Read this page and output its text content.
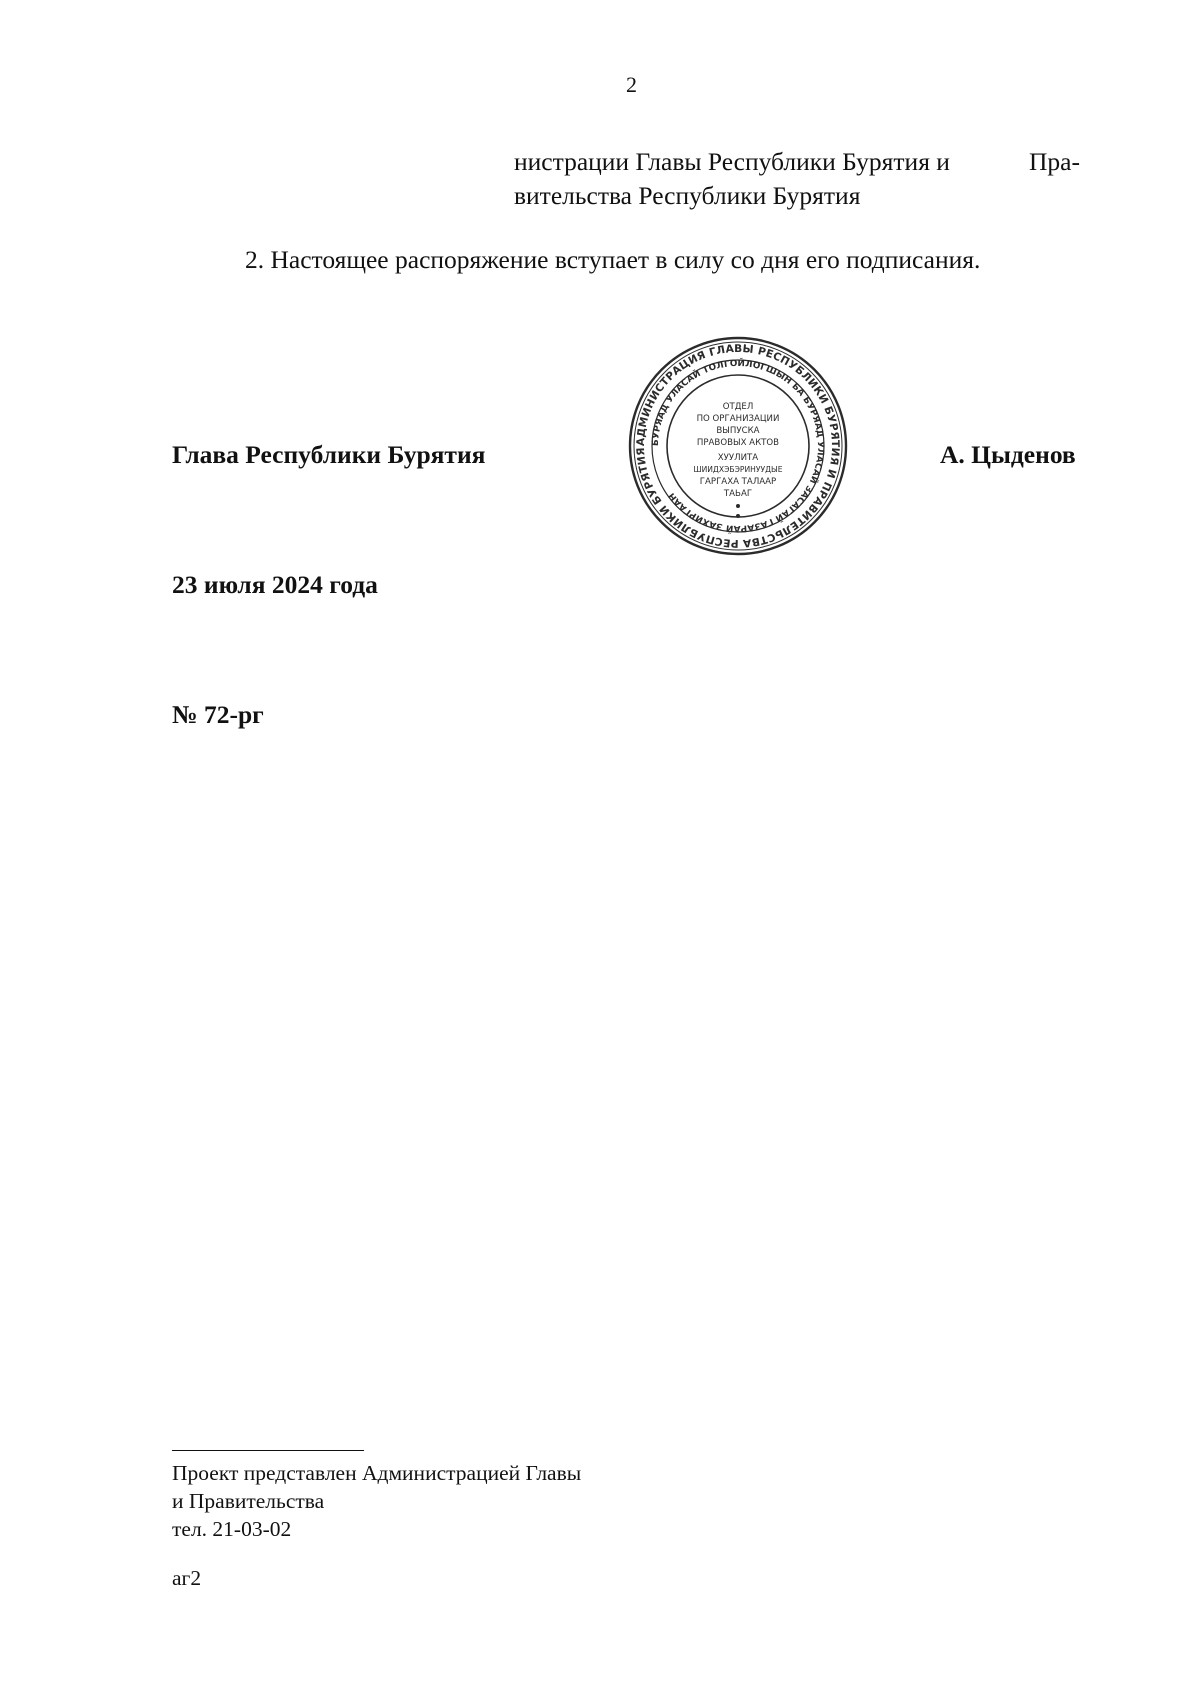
2
нистрации Главы Республики Бурятия и	Пра-
вительства Республики Бурятия
2. Настоящее распоряжение вступает в силу со дня его подписания.
Глава Республики Бурятия	АДМИНИСТРАЦИЯ ГЛАВЫ РЕСПУБЛИКИ БУРЯТИЯ И ПРАВИТЕЛЬСТВА РЕСПУБЛИКИ БУРЯТИЯ
БУРЯАД УЛАСАЙ ТОЛГОЙЛОГШЫН БА БУРЯАД УЛАСАЙ ЗАСАГАЙ ГАЗАРАЙ ЗАХИРГААН
ОТДЕЛ
ПО ОРГАНИЗАЦИИ
ВЫПУСКА
ПРАВОВЫХ АКТОВ
ХУУЛИТА
ШИИДХЭБЭРИНУУДЫЕ
ГАРГАХА ТАЛААР
ТАЬАГ
А. Цыденов
23 июля 2024 года
№ 72-рг
Проект представлен Администрацией Главы
и Правительства
тел. 21-03-02
аг2
